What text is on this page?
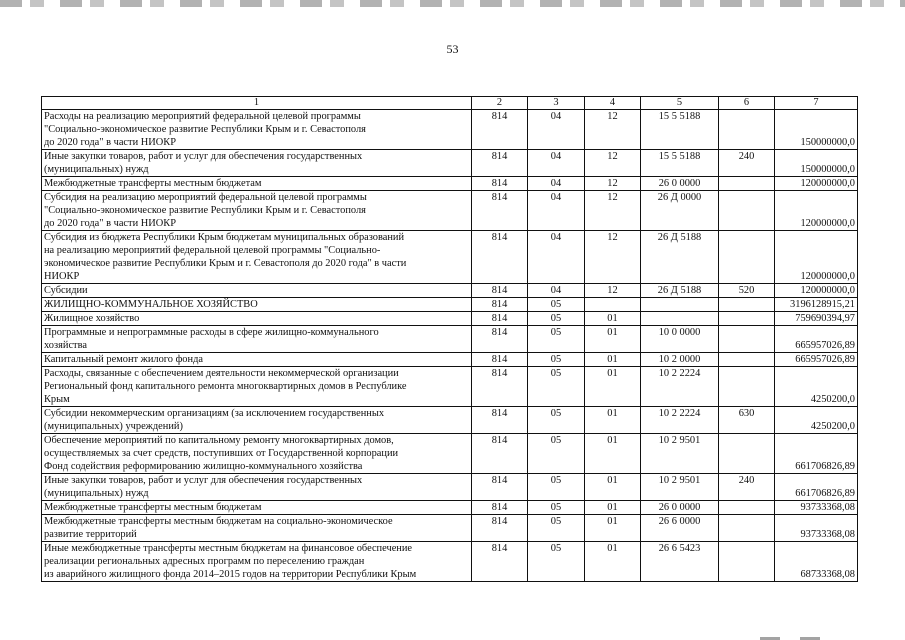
53
1	2	3	4	5	6	7
Расходы на реализацию мероприятий федеральной целевой программы
"Социально-экономическое развитие Республики Крым и г. Севастополя
до 2020 года" в части НИОКР	814	04	12	15 5 5188		150000000,0
Иные закупки товаров, работ и услуг для обеспечения государственных
(муниципальных) нужд	814	04	12	15 5 5188	240	150000000,0
Межбюджетные трансферты местным бюджетам	814	04	12	26 0 0000		120000000,0
Субсидия на реализацию мероприятий федеральной целевой программы
"Социально-экономическое развитие Республики Крым и г. Севастополя
до 2020 года" в части НИОКР	814	04	12	26 Д 0000		120000000,0
Субсидия из бюджета Республики Крым бюджетам муниципальных образований
на реализацию мероприятий федеральной целевой программы "Социально-
экономическое развитие Республики Крым и г. Севастополя до 2020 года" в части
НИОКР	814	04	12	26 Д 5188		120000000,0
Субсидии	814	04	12	26 Д 5188	520	120000000,0
ЖИЛИЩНО-КОММУНАЛЬНОЕ ХОЗЯЙСТВО	814	05				3196128915,21
Жилищное хозяйство	814	05	01			759690394,97
Программные и непрограммные расходы в сфере жилищно-коммунального
хозяйства	814	05	01	10 0 0000		665957026,89
Капитальный ремонт жилого фонда	814	05	01	10 2 0000		665957026,89
Расходы, связанные с обеспечением деятельности некоммерческой организации
Региональный фонд капитального ремонта многоквартирных домов в Республике
Крым	814	05	01	10 2 2224		4250200,0
Субсидии некоммерческим организациям (за исключением государственных
(муниципальных) учреждений)	814	05	01	10 2 2224	630	4250200,0
Обеспечение мероприятий по капитальному ремонту многоквартирных домов,
осуществляемых за счет средств, поступивших от Государственной корпорации
Фонд содействия реформированию жилищно-коммунального хозяйства	814	05	01	10 2 9501		661706826,89
Иные закупки товаров, работ и услуг для обеспечения государственных
(муниципальных) нужд	814	05	01	10 2 9501	240	661706826,89
Межбюджетные трансферты местным бюджетам	814	05	01	26 0 0000		93733368,08
Межбюджетные трансферты местным бюджетам на социально-экономическое
развитие территорий	814	05	01	26 6 0000		93733368,08
Иные межбюджетные трансферты местным бюджетам на финансовое обеспечение
реализации региональных адресных программ по переселению граждан
из аварийного жилищного фонда 2014–2015 годов на территории Республики Крым	814	05	01	26 6 5423		68733368,08
